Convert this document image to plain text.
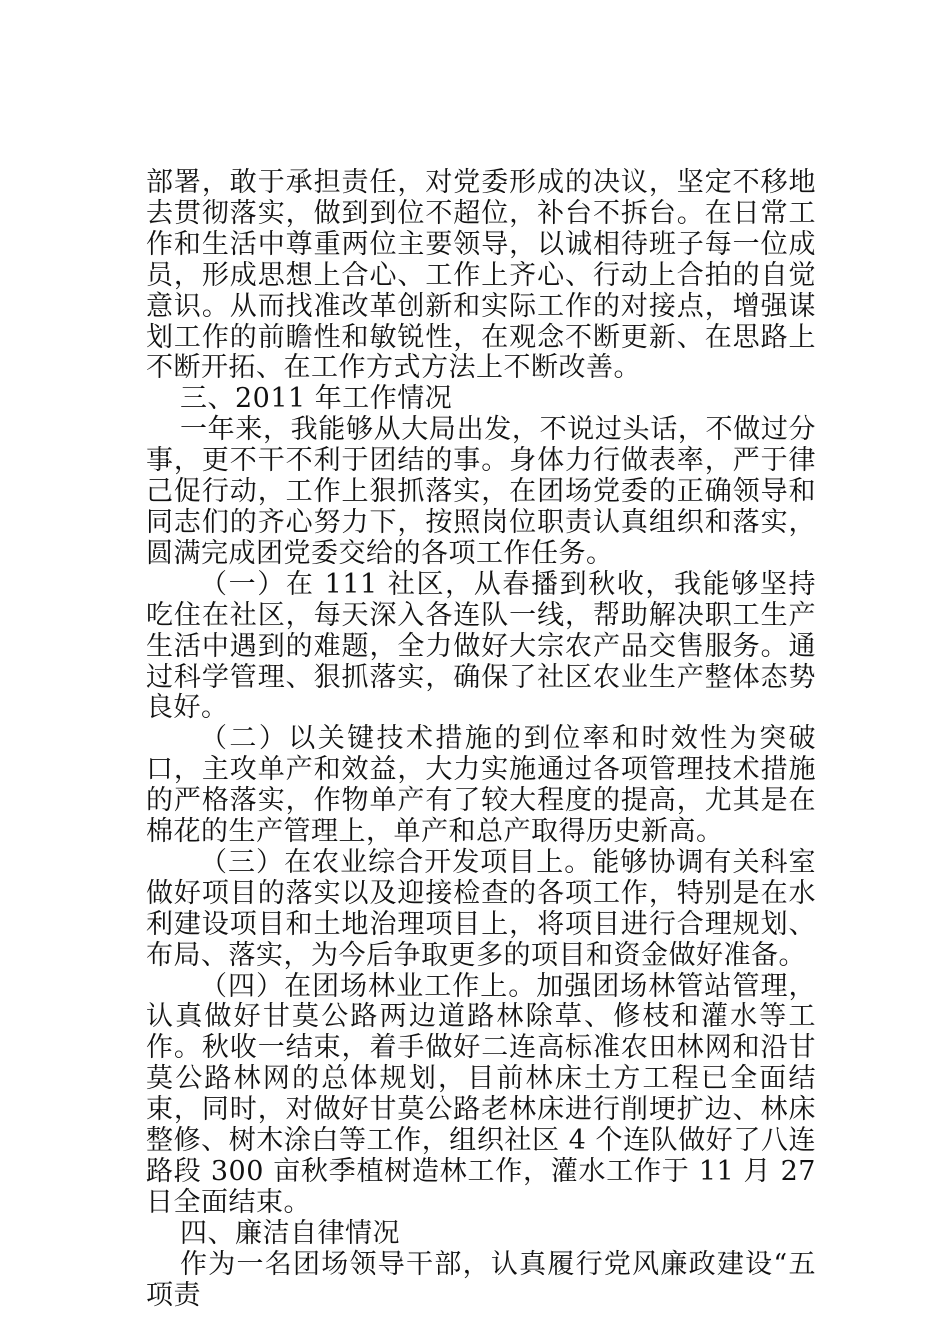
部署，敢于承担责任，对党委形成的决议，坚定不移地去贯彻落实，做到到位不超位，补台不拆台。在日常工作和生活中尊重两位主要领导，以诚相待班子每一位成员，形成思想上合心、工作上齐心、行动上合拍的自觉意识。从而找准改革创新和实际工作的对接点，增强谋划工作的前瞻性和敏锐性，在观念不断更新、在思路上不断开拓、在工作方式方法上不断改善。

三、2011 年工作情况

一年来，我能够从大局出发，不说过头话，不做过分事，更不干不利于团结的事。身体力行做表率，严于律己促行动，工作上狠抓落实，在团场党委的正确领导和同志们的齐心努力下，按照岗位职责认真组织和落实，圆满完成团党委交给的各项工作任务。

（一）在 111 社区，从春播到秋收，我能够坚持吃住在社区，每天深入各连队一线，帮助解决职工生产生活中遇到的难题，全力做好大宗农产品交售服务。通过科学管理、狠抓落实，确保了社区农业生产整体态势良好。

（二）以关键技术措施的到位率和时效性为突破口，主攻单产和效益，大力实施通过各项管理技术措施的严格落实，作物单产有了较大程度的提高，尤其是在棉花的生产管理上，单产和总产取得历史新高。

（三）在农业综合开发项目上。能够协调有关科室做好项目的落实以及迎接检查的各项工作，特别是在水利建设项目和土地治理项目上，将项目进行合理规划、布局、落实，为今后争取更多的项目和资金做好准备。

（四）在团场林业工作上。加强团场林管站管理，认真做好甘莫公路两边道路林除草、修枝和灌水等工作。秋收一结束，着手做好二连高标准农田林网和沿甘莫公路林网的总体规划，目前林床土方工程已全面结束，同时，对做好甘莫公路老林床进行削埂扩边、林床整修、树木涂白等工作，组织社区 4 个连队做好了八连路段 300 亩秋季植树造林工作，灌水工作于 11 月 27 日全面结束。

四、廉洁自律情况

作为一名团场领导干部，认真履行党风廉政建设“五项责
